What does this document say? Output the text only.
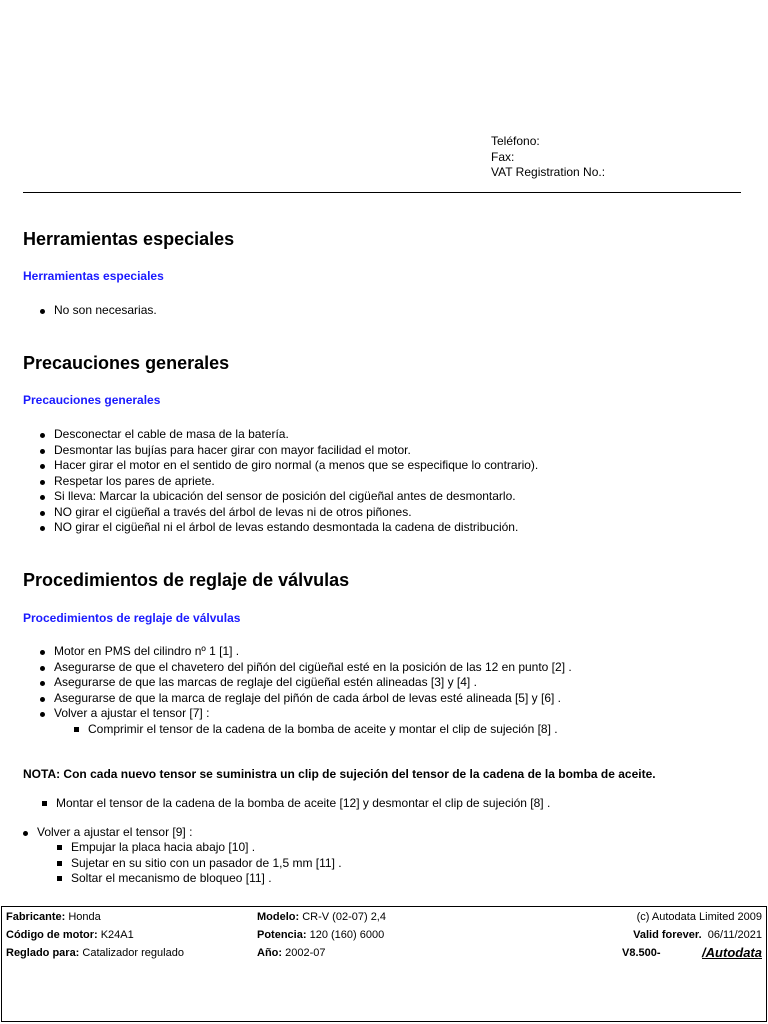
Teléfono:
Fax:
VAT Registration No.:
Herramientas especiales
Herramientas especiales
No son necesarias.
Precauciones generales
Precauciones generales
Desconectar el cable de masa de la batería.
Desmontar las bujías para hacer girar con mayor facilidad el motor.
Hacer girar el motor en el sentido de giro normal (a menos que se especifique lo contrario).
Respetar los pares de apriete.
Si lleva: Marcar la ubicación del sensor de posición del cigüeñal antes de desmontarlo.
NO girar el cigüeñal a través del árbol de levas ni de otros piñones.
NO girar el cigüeñal ni el árbol de levas estando desmontada la cadena de distribución.
Procedimientos de reglaje de válvulas
Procedimientos de reglaje de válvulas
Motor en PMS del cilindro nº 1 [1] .
Asegurarse de que el chavetero del piñón del cigüeñal esté en la posición de las 12 en punto [2] .
Asegurarse de que las marcas de reglaje del cigüeñal estén alineadas [3] y [4] .
Asegurarse de que la marca de reglaje del piñón de cada árbol de levas esté alineada [5] y [6] .
Volver a ajustar el tensor [7] :
Comprimir el tensor de la cadena de la bomba de aceite y montar el clip de sujeción [8] .
NOTA: Con cada nuevo tensor se suministra un clip de sujeción del tensor de la cadena de la bomba de aceite.
Montar el tensor de la cadena de la bomba de aceite [12] y desmontar el clip de sujeción [8] .
Volver a ajustar el tensor [9] :
Empujar la placa hacia abajo [10] .
Sujetar en su sitio con un pasador de 1,5 mm [11] .
Soltar el mecanismo de bloqueo [11] .
Fabricante: Honda
Código de motor: K24A1
Reglado para: Catalizador regulado
Modelo: CR-V (02-07) 2,4
Potencia: 120 (160) 6000
Año: 2002-07
(c) Autodata Limited 2009
Valid forever. 06/11/2021
V8.500-	/Autodata
